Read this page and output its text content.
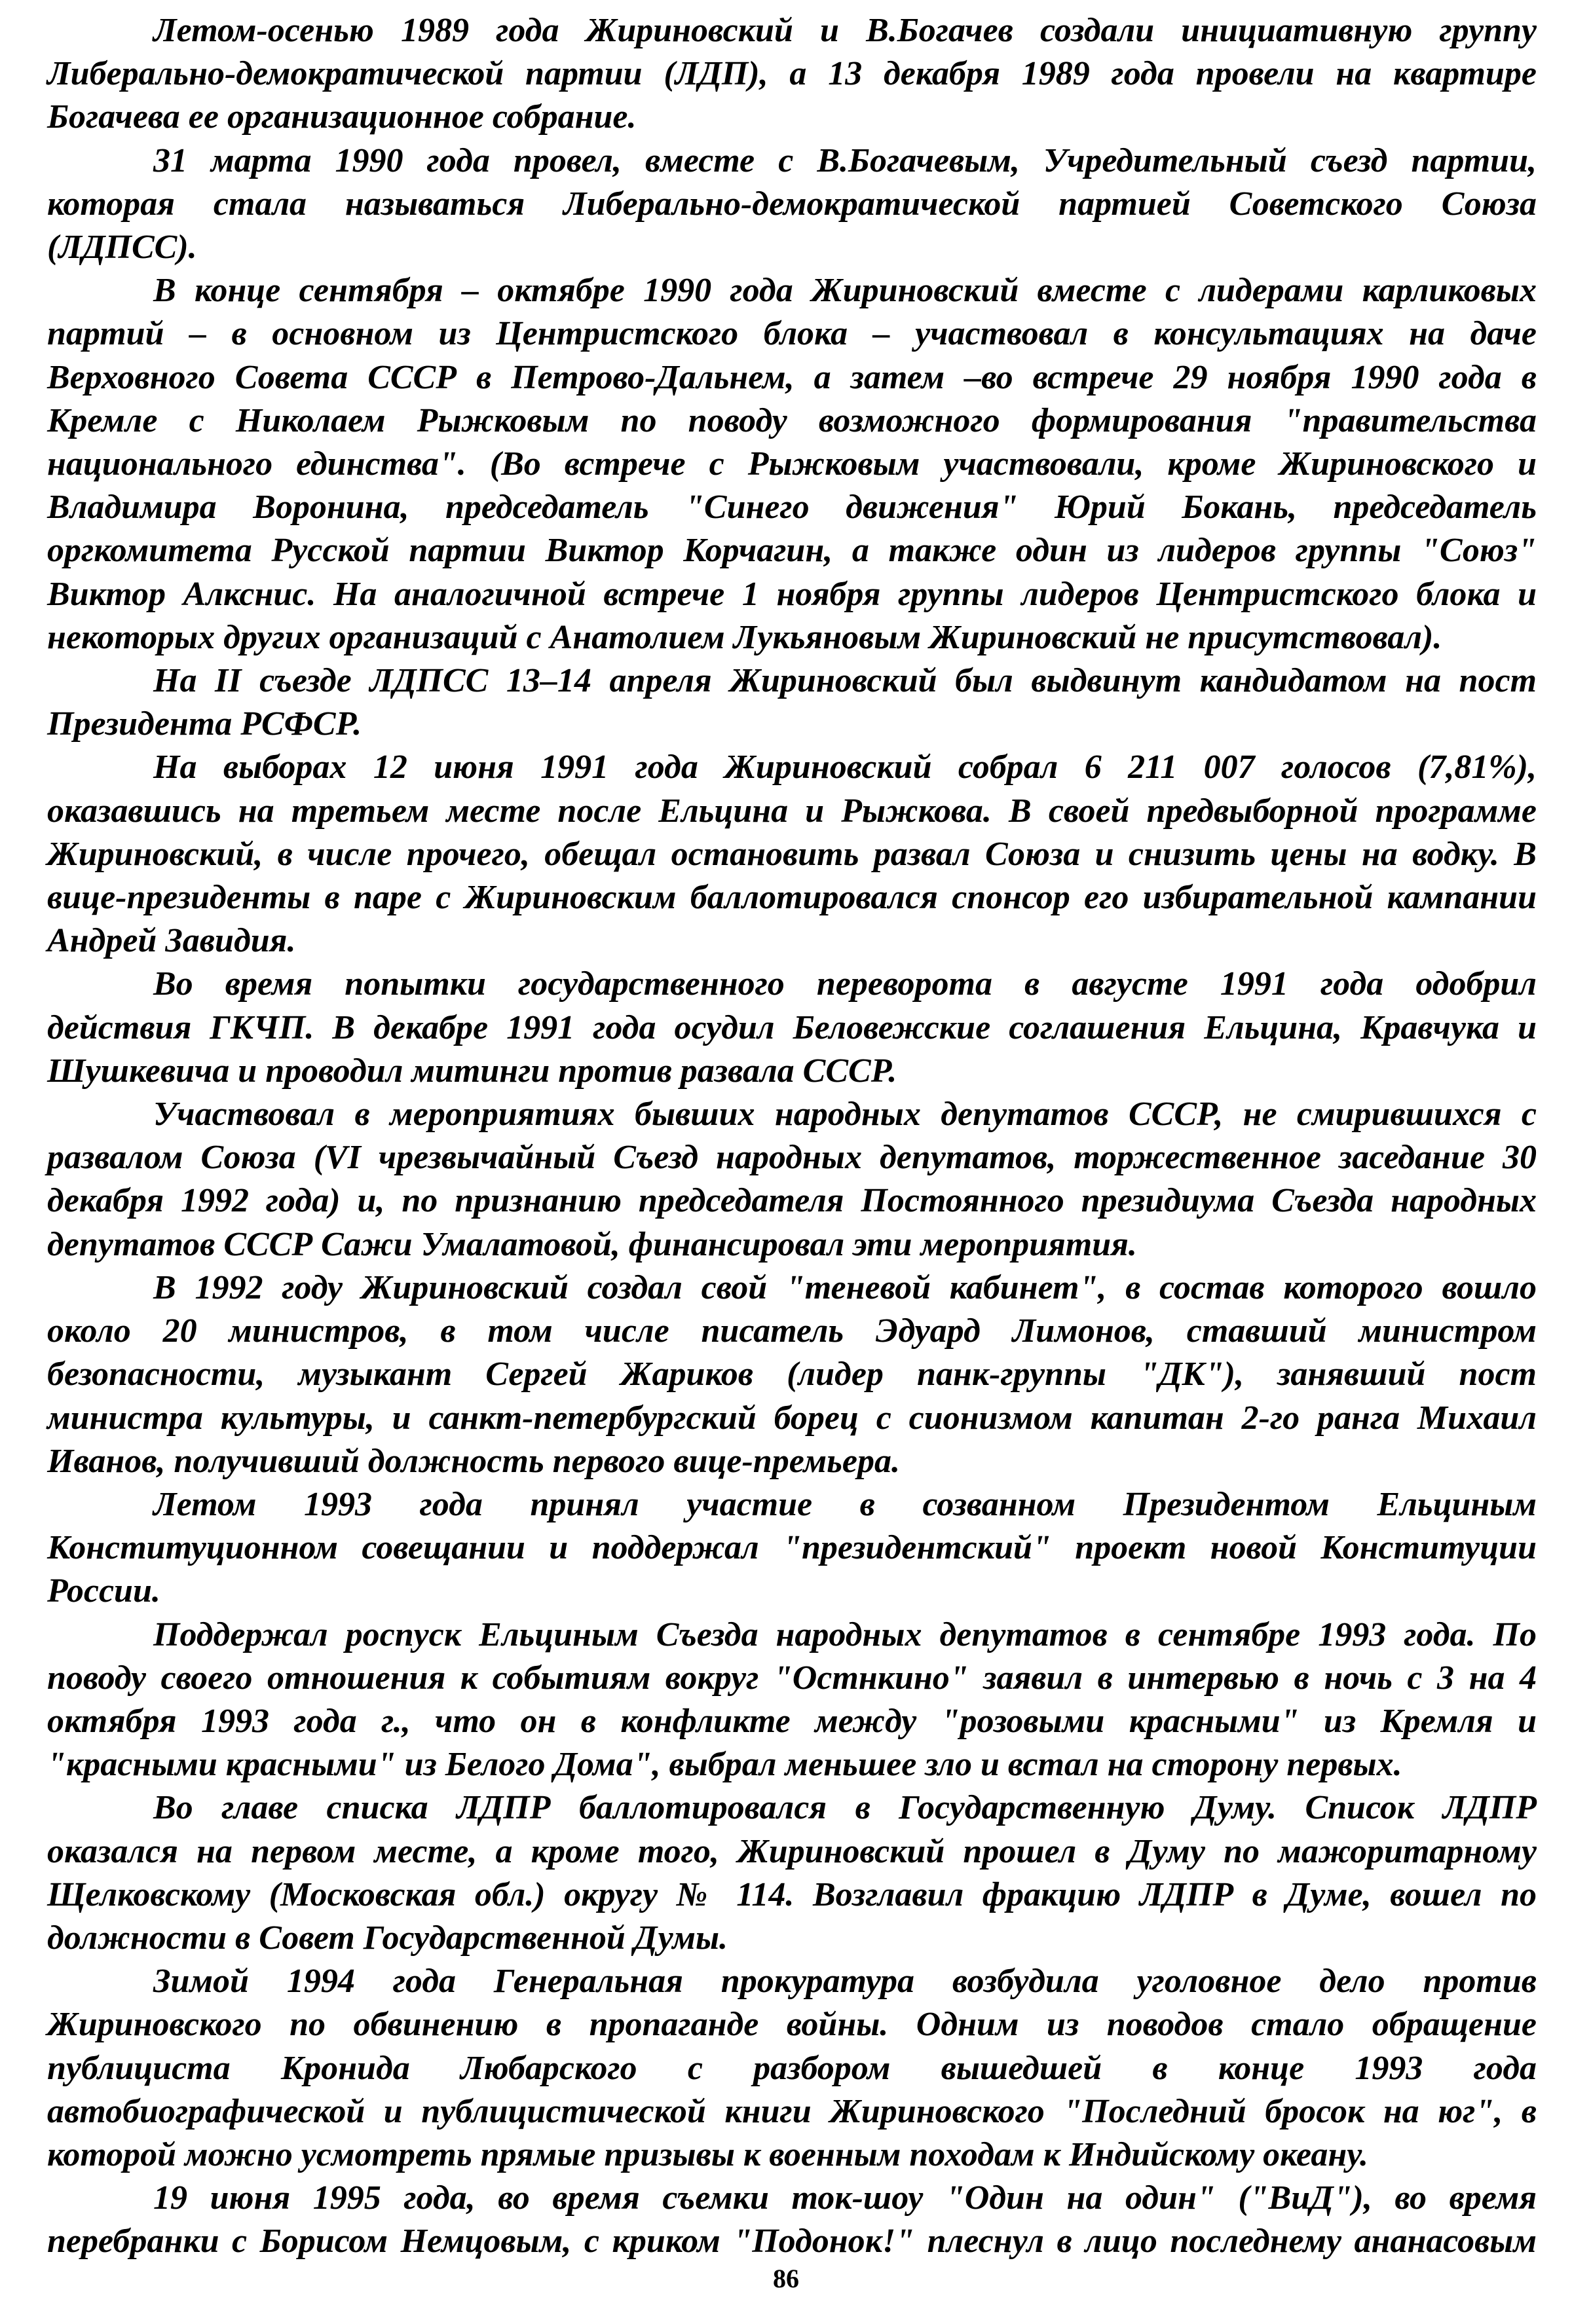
Летом-осенью 1989 года Жириновский и В.Богачев создали инициативную группу
Либерально-демократической партии (ЛДП), а 13 декабря 1989 года провели на квартире
Богачева ее организационное собрание.
31 марта 1990 года провел, вместе с В.Богачевым, Учредительный съезд партии,
которая стала называться Либерально-демократической партией Советского Союза
(ЛДПСС).
В конце сентября – октябре 1990 года Жириновский вместе с лидерами карликовых
партий – в основном из Центристского блока – участвовал в консультациях на даче
Верховного Совета СССР в Петрово-Дальнем, а затем –во встрече 29 ноября 1990 года в
Кремле с Николаем Рыжковым по поводу возможного формирования "правительства
национального единства". (Во встрече с Рыжковым участвовали, кроме Жириновского и
Владимира Воронина, председатель "Синего движения" Юрий Бокань, председатель
оргкомитета Русской партии Виктор Корчагин, а также один из лидеров группы "Союз"
Виктор Алкснис. На аналогичной встрече 1 ноября группы лидеров Центристского блока и
некоторых других организаций с Анатолием Лукьяновым Жириновский не присутствовал).
На II съезде ЛДПСС 13–14 апреля Жириновский был выдвинут кандидатом на пост
Президента РСФСР.
На выборах 12 июня 1991 года Жириновский собрал 6 211 007 голосов (7,81%),
оказавшись на третьем месте после Ельцина и Рыжкова. В своей предвыборной программе
Жириновский, в числе прочего, обещал остановить развал Союза и снизить цены на водку. В
вице-президенты в паре с Жириновским баллотировался спонсор его избирательной кампании
Андрей Завидия.
Во время попытки государственного переворота в августе 1991 года одобрил
действия ГКЧП. В декабре 1991 года осудил Беловежские соглашения Ельцина, Кравчука и
Шушкевича и проводил митинги против развала СССР.
Участвовал в мероприятиях бывших народных депутатов СССР, не смирившихся с
развалом Союза (VI чрезвычайный Съезд народных депутатов, торжественное заседание 30
декабря 1992 года) и, по признанию председателя Постоянного президиума Съезда народных
депутатов СССР Сажи Умалатовой, финансировал эти мероприятия.
В 1992 году Жириновский создал свой "теневой кабинет", в состав которого вошло
около 20 министров, в том числе писатель Эдуард Лимонов, ставший министром
безопасности, музыкант Сергей Жариков (лидер панк-группы "ДК"), занявший пост
министра культуры, и санкт-петербургский борец с сионизмом капитан 2-го ранга Михаил
Иванов, получивший должность первого вице-премьера.
Летом 1993 года принял участие в созванном Президентом Ельциным
Конституционном совещании и поддержал "президентский" проект новой Конституции
России.
Поддержал роспуск Ельциным Съезда народных депутатов в сентябре 1993 года. По
поводу своего отношения к событиям вокруг "Остнкино" заявил в интервью в ночь с 3 на 4
октября 1993 года г., что он в конфликте между "розовыми красными" из Кремля и
"красными красными" из Белого Дома", выбрал меньшее зло и встал на сторону первых.
Во главе списка ЛДПР баллотировался в Государственную Думу. Список ЛДПР
оказался на первом месте, а кроме того, Жириновский прошел в Думу по мажоритарному
Щелковскому (Московская обл.) округу № 114. Возглавил фракцию ЛДПР в Думе, вошел по
должности в Совет Государственной Думы.
Зимой 1994 года Генеральная прокуратура возбудила уголовное дело против
Жириновского по обвинению в пропаганде войны. Одним из поводов стало обращение
публициста Кронида Любарского с разбором вышедшей в конце 1993 года
автобиографической и публицистической книги Жириновского "Последний бросок на юг", в
которой можно усмотреть прямые призывы к военным походам к Индийскому океану.
19 июня 1995 года, во время съемки ток-шоу "Один на один" ("ВиД"), во время
перебранки с Борисом Немцовым, с криком "Подонок!" плеснул в лицо последнему ананасовым
86
